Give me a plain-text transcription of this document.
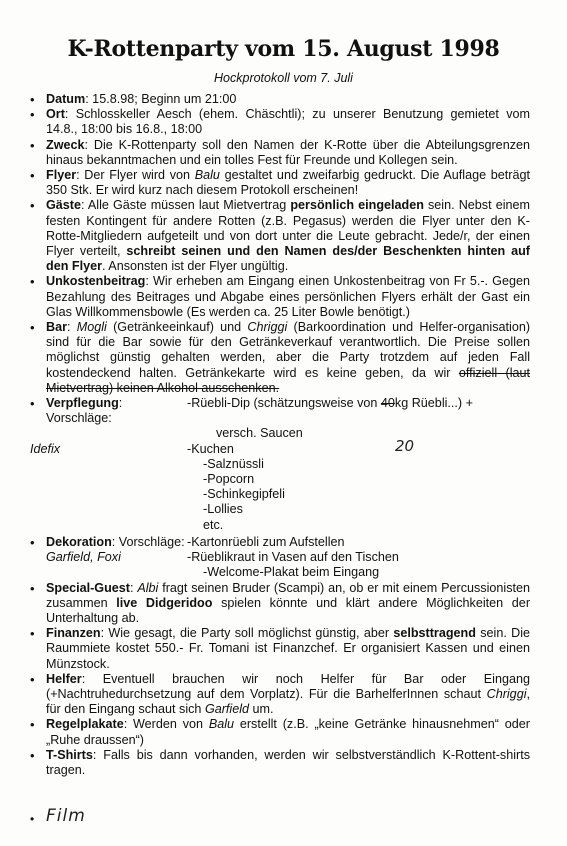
K-Rottenparty vom 15. August 1998
Hockprotokoll vom 7. Juli
• Datum: 15.8.98; Beginn um 21:00
• Ort: Schlosskeller Aesch (ehem. Chäschtli); zu unserer Benutzung gemietet vom 14.8., 18:00 bis 16.8., 18:00
• Zweck: Die K-Rottenparty soll den Namen der K-Rotte über die Abteilungsgrenzen hinaus bekanntmachen und ein tolles Fest für Freunde und Kollegen sein.
• Flyer: Der Flyer wird von Balu gestaltet und zweifarbig gedruckt. Die Auflage beträgt 350 Stk. Er wird kurz nach diesem Protokoll erscheinen!
• Gäste: Alle Gäste müssen laut Mietvertrag persönlich eingeladen sein. Nebst einem festen Kontingent für andere Rotten (z.B. Pegasus) werden die Flyer unter den K-Rotte-Mitgliedern aufgeteilt und von dort unter die Leute gebracht. Jede/r, der einen Flyer verteilt, schreibt seinen und den Namen des/der Beschenkten hinten auf den Flyer. Ansonsten ist der Flyer ungültig.
• Unkostenbeitrag: Wir erheben am Eingang einen Unkostenbeitrag von Fr 5.-. Gegen Bezahlung des Beitrages und Abgabe eines persönlichen Flyers erhält der Gast ein Glas Willkommensbowle (Es werden ca. 25 Liter Bowle benötigt.)
• Bar: Mogli (Getränkeeinkauf) und Chriggi (Barkoordination und Helfer-organisation) sind für die Bar sowie für den Getränkeverkauf verantwortlich. Die Preise sollen möglichst günstig gehalten werden, aber die Party trotzdem auf jeden Fall kostendeckend halten. Getränkekarte wird es keine geben, da wir offiziell (laut Mietvertrag) keinen Alkohol ausschenken.
• Verpflegung: Vorschläge:
-Rüebli-Dip (schätzungsweise von 40kg Rüebli...) +
versch. Saucen
Idefix	-Kuchen
-Salznüssli
-Popcorn
-Schinkegipfeli
-Lollies
etc.
• Dekoration: Vorschläge: -Kartonrüebli zum Aufstellen
Garfield, Foxi	-Rüeblikraut in Vasen auf den Tischen
-Welcome-Plakat beim Eingang
• Special-Guest: Albi fragt seinen Bruder (Scampi) an, ob er mit einem Percussionisten zusammen live Didgeridoo spielen könnte und klärt andere Möglichkeiten der Unterhaltung ab.
• Finanzen: Wie gesagt, die Party soll möglichst günstig, aber selbsttragend sein. Die Raummiete kostet 550.- Fr. Tomani ist Finanzchef. Er organisiert Kassen und einen Münzstock.
• Helfer: Eventuell brauchen wir noch Helfer für Bar oder Eingang (+Nachtruhedurchsetzung auf dem Vorplatz). Für die BarhelferInnen schaut Chriggi, für den Eingang schaut sich Garfield um.
• Regelplakate: Werden von Balu erstellt (z.B. „keine Getränke hinausnehmen“ oder „Ruhe draussen“)
• T-Shirts: Falls bis dann vorhanden, werden wir selbstverständlich K-Rottent-shirts tragen.
20
• Film
